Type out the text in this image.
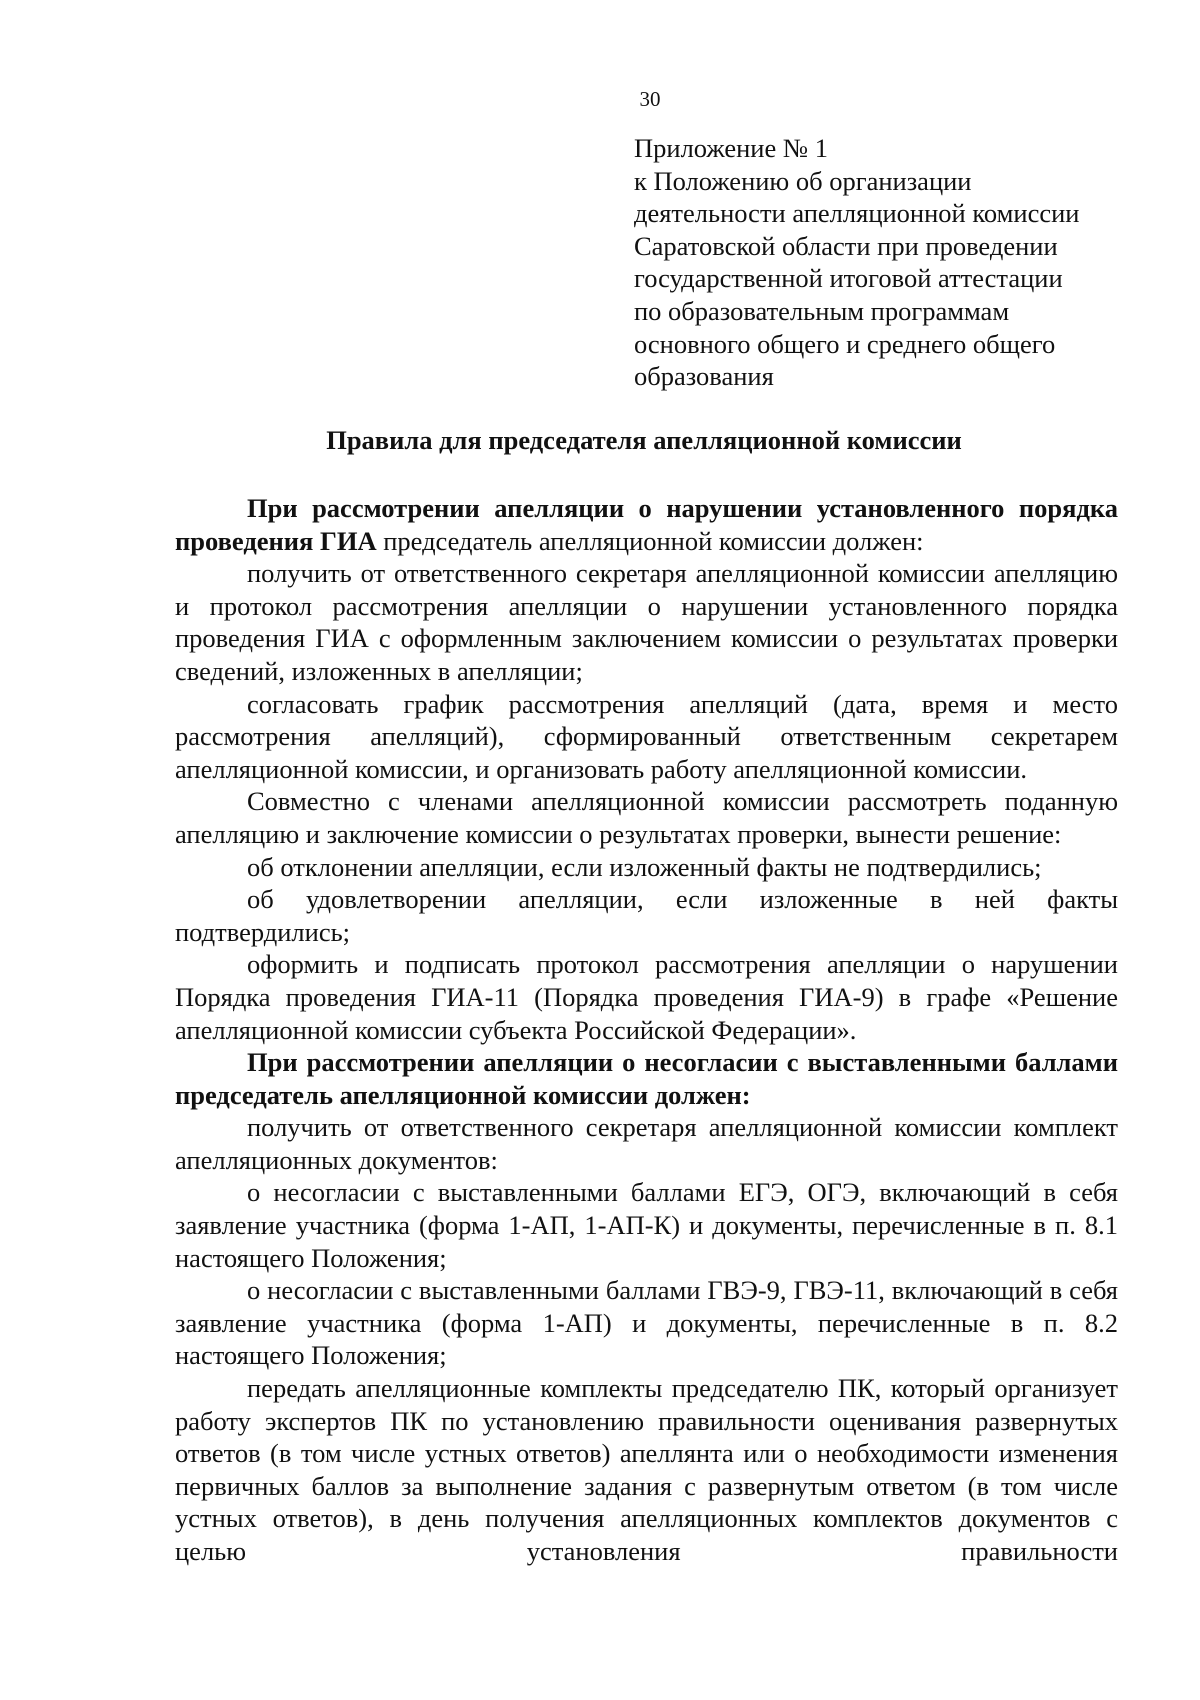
30
Приложение № 1
к Положению об организации
деятельности апелляционной комиссии
Саратовской области при проведении
государственной итоговой аттестации
по образовательным программам
основного общего и среднего общего
образования
Правила для председателя апелляционной комиссии

При рассмотрении апелляции о нарушении установленного порядка проведения ГИА председатель апелляционной комиссии должен:

получить от ответственного секретаря апелляционной комиссии апелляцию и протокол рассмотрения апелляции о нарушении установленного порядка проведения ГИА с оформленным заключением комиссии о результатах проверки сведений, изложенных в апелляции;

согласовать график рассмотрения апелляций (дата, время и место рассмотрения апелляций), сформированный ответственным секретарем апелляционной комиссии, и организовать работу апелляционной комиссии.

Совместно с членами апелляционной комиссии рассмотреть поданную апелляцию и заключение комиссии о результатах проверки, вынести решение:

об отклонении апелляции, если изложенный факты не подтвердились;

об удовлетворении апелляции, если изложенные в ней факты подтвердились;

оформить и подписать протокол рассмотрения апелляции о нарушении Порядка проведения ГИА-11 (Порядка проведения ГИА-9) в графе «Решение апелляционной комиссии субъекта Российской Федерации».

При рассмотрении апелляции о несогласии с выставленными баллами председатель апелляционной комиссии должен:

получить от ответственного секретаря апелляционной комиссии комплект апелляционных документов:

о несогласии с выставленными баллами ЕГЭ, ОГЭ, включающий в себя заявление участника (форма 1-АП, 1-АП-К) и документы, перечисленные в п. 8.1 настоящего Положения;

о несогласии с выставленными баллами ГВЭ-9, ГВЭ-11, включающий в себя заявление участника (форма 1-АП) и документы, перечисленные в п. 8.2 настоящего Положения;

передать апелляционные комплекты председателю ПК, который организует работу экспертов ПК по установлению правильности оценивания развернутых ответов (в том числе устных ответов) апеллянта или о необходимости изменения первичных баллов за выполнение задания с развернутым ответом (в том числе устных ответов), в день получения апелляционных комплектов документов с целью установления правильности
